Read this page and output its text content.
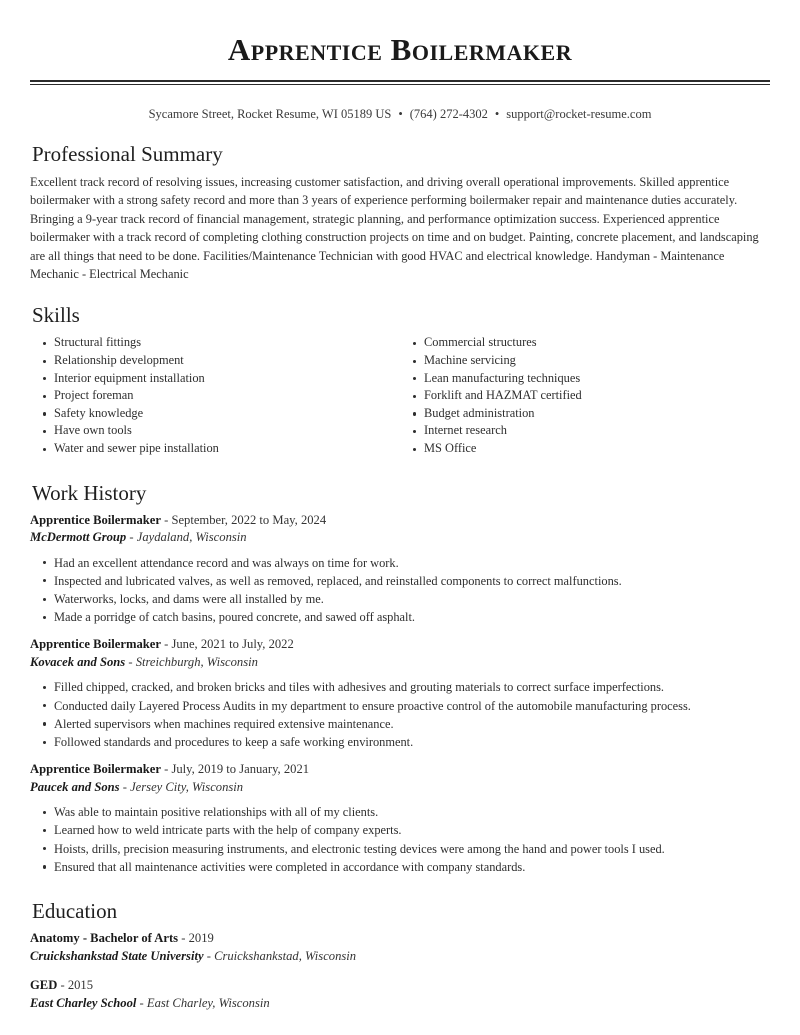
Apprentice Boilermaker
Sycamore Street, Rocket Resume, WI 05189 US • (764) 272-4302 • support@rocket-resume.com
Professional Summary

Excellent track record of resolving issues, increasing customer satisfaction, and driving overall operational improvements. Skilled apprentice boilermaker with a strong safety record and more than 3 years of experience performing boilermaker repair and maintenance duties accurately. Bringing a 9-year track record of financial management, strategic planning, and performance optimization success. Experienced apprentice boilermaker with a track record of completing clothing construction projects on time and on budget. Painting, concrete placement, and landscaping are all things that need to be done. Facilities/Maintenance Technician with good HVAC and electrical knowledge. Handyman - Maintenance Mechanic - Electrical Mechanic

Skills
Structural fittings
Relationship development
Interior equipment installation
Project foreman
Safety knowledge
Have own tools
Water and sewer pipe installation
Commercial structures
Machine servicing
Lean manufacturing techniques
Forklift and HAZMAT certified
Budget administration
Internet research
MS Office
Work History
Apprentice Boilermaker - September, 2022 to May, 2024
McDermott Group - Jaydaland, Wisconsin
Had an excellent attendance record and was always on time for work.
Inspected and lubricated valves, as well as removed, replaced, and reinstalled components to correct malfunctions.
Waterworks, locks, and dams were all installed by me.
Made a porridge of catch basins, poured concrete, and sawed off asphalt.
Apprentice Boilermaker - June, 2021 to July, 2022
Kovacek and Sons - Streichburgh, Wisconsin
Filled chipped, cracked, and broken bricks and tiles with adhesives and grouting materials to correct surface imperfections.
Conducted daily Layered Process Audits in my department to ensure proactive control of the automobile manufacturing process.
Alerted supervisors when machines required extensive maintenance.
Followed standards and procedures to keep a safe working environment.
Apprentice Boilermaker - July, 2019 to January, 2021
Paucek and Sons - Jersey City, Wisconsin
Was able to maintain positive relationships with all of my clients.
Learned how to weld intricate parts with the help of company experts.
Hoists, drills, precision measuring instruments, and electronic testing devices were among the hand and power tools I used.
Ensured that all maintenance activities were completed in accordance with company standards.
Education
Anatomy - Bachelor of Arts - 2019
Cruickshankstad State University - Cruickshankstad, Wisconsin
GED - 2015
East Charley School - East Charley, Wisconsin
